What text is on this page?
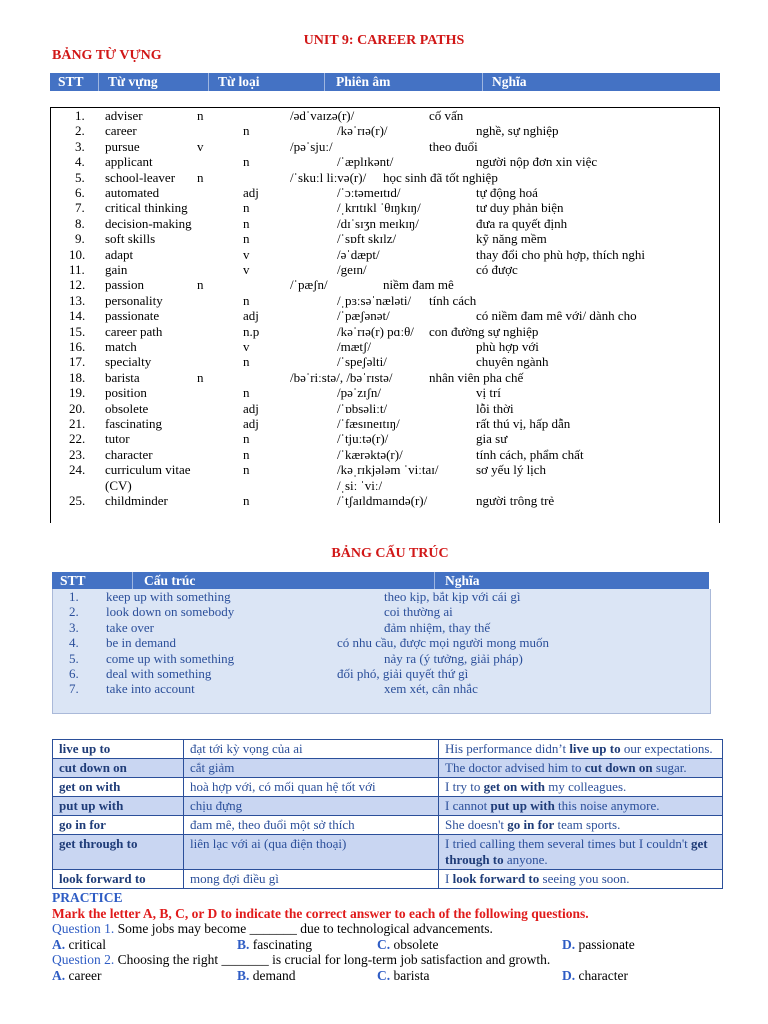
UNIT 9: CAREER PATHS
BẢNG TỪ VỰNG
STT Từ vựng	Từ loại	Phiên âm	Nghĩa
1. adviser	n	/ədˈvaɪzə(r)/	cố vấn
2. career	n	/kəˈrɪə(r)/	nghề, sự nghiệp
3. pursue	v	/pəˈsjuː/	theo đuổi
4. applicant	n	/ˈæplɪkənt/	người nộp đơn xin việc
5. school-leaver n	/ˈskuːl liːvə(r)/ học sinh đã tốt nghiệp
6. automated	adj	/ˈɔːtəmeɪtɪd/	tự động hoá
7. critical thinking	n	/ˌkrɪtɪkl ˈθɪŋkɪŋ/	tư duy phản biện
8. decision-making	n	/dɪˈsɪʒn meɪkɪŋ/	đưa ra quyết định
9. soft skills	n	/ˈsɒft skɪlz/	kỹ năng mềm
10. adapt	v	/əˈdæpt/	thay đổi cho phù hợp, thích nghi
11. gain	v	/geɪn/	có được
12. passion	n	/ˈpæʃn/	niềm đam mê
13. personality	n	/ˌpɜːsəˈnæləti/ tính cách
14. passionate	adj	/ˈpæʃənət/	có niềm đam mê với/ dành cho
15. career path	n.p	/kəˈrɪə(r) pɑːθ/ con đường sự nghiệp
16. match	v	/mætʃ/	phù hợp với
17. specialty	n	/ˈspeʃəlti/	chuyên ngành
18. barista	n	/bəˈriːstə/, /bəˈrɪstə/	nhân viên pha chế
19. position	n	/pəˈzɪʃn/	vị trí
20. obsolete	adj	/ˈɒbsəliːt/	lỗi thời
21. fascinating	adj	/ˈfæsɪneɪtɪŋ/	rất thú vị, hấp dẫn
22. tutor	n	/ˈtjuːtə(r)/	gia sư
23. character	n	/ˈkærəktə(r)/	tính cách, phẩm chất
24. curriculum vitae	n	/kəˌrɪkjələm ˈviːtaɪ/	sơ yếu lý lịch
(CV)	/ˌsiː ˈviː/
25. childminder	n	/ˈtʃaɪldmaɪndə(r)/	người trông trẻ
BẢNG CẤU TRÚC
STT	Cấu trúc	Nghĩa
1. keep up with something	theo kịp, bắt kịp với cái gì
2. look down on somebody	coi thường ai
3. take over	đảm nhiệm, thay thế
4. be in demand	có nhu cầu, được mọi người mong muốn
5. come up with something	nảy ra (ý tưởng, giải pháp)
6. deal with something	đối phó, giải quyết thứ gì
7. take into account	xem xét, cân nhắc
live up to	đạt tới kỳ vọng của ai	His performance didn’t live up to our expectations.
cut down on	cắt giảm	The doctor advised him to cut down on sugar.
get on with	hoà hợp với, có mối quan hệ tốt với	I try to get on with my colleagues.
put up with	chịu đựng	I cannot put up with this noise anymore.
go in for	đam mê, theo đuổi một sở thích	She doesn't go in for team sports.
get through to	liên lạc với ai (qua điện thoại)	I tried calling them several times but I couldn't get through to anyone.
look forward to	mong đợi điều gì	I look forward to seeing you soon.
PRACTICE
Mark the letter A, B, C, or D to indicate the correct answer to each of the following questions.
Question 1. Some jobs may become _______ due to technological advancements.
A. critical	B. fascinating	C. obsolete	D. passionate
Question 2. Choosing the right _______ is crucial for long-term job satisfaction and growth.
A. career	B. demand	C. barista	D. character
